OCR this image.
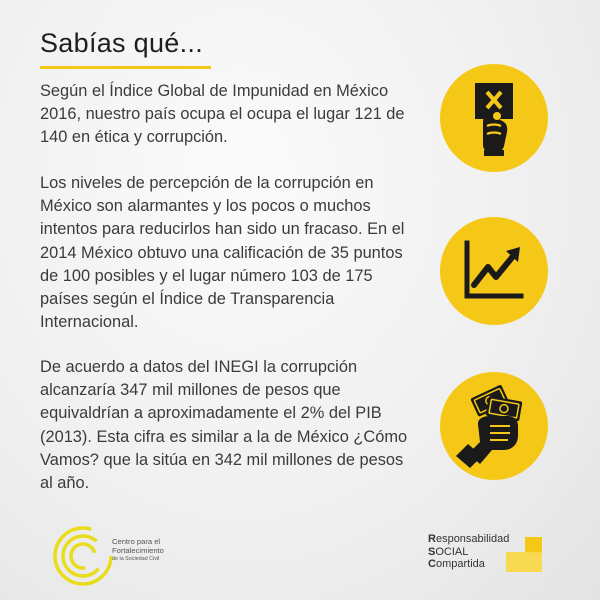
Sabías qué...

Según el Índice Global de Impunidad en México 2016, nuestro país ocupa el ocupa el lugar 121 de 140 en ética y corrupción.

Los niveles de percepción de la corrupción en México son alarmantes y los pocos o muchos intentos para reducirlos han sido un fracaso. En el 2014 México obtuvo una calificación de 35 puntos de 100 posibles y el lugar número 103 de 175 países según el Índice de Transparencia Internacional.

De acuerdo a datos del INEGI la corrupción alcanzaría 347 mil millones de pesos que equivaldrían a aproximadamente el 2% del PIB (2013). Esta cifra es similar a la de México ¿Cómo Vamos? que la sitúa en 342 mil millones de pesos al año.

Centro para el
Fortalecimiento
de la Sociedad Civil
Responsabilidad
SOCIAL
Compartida
